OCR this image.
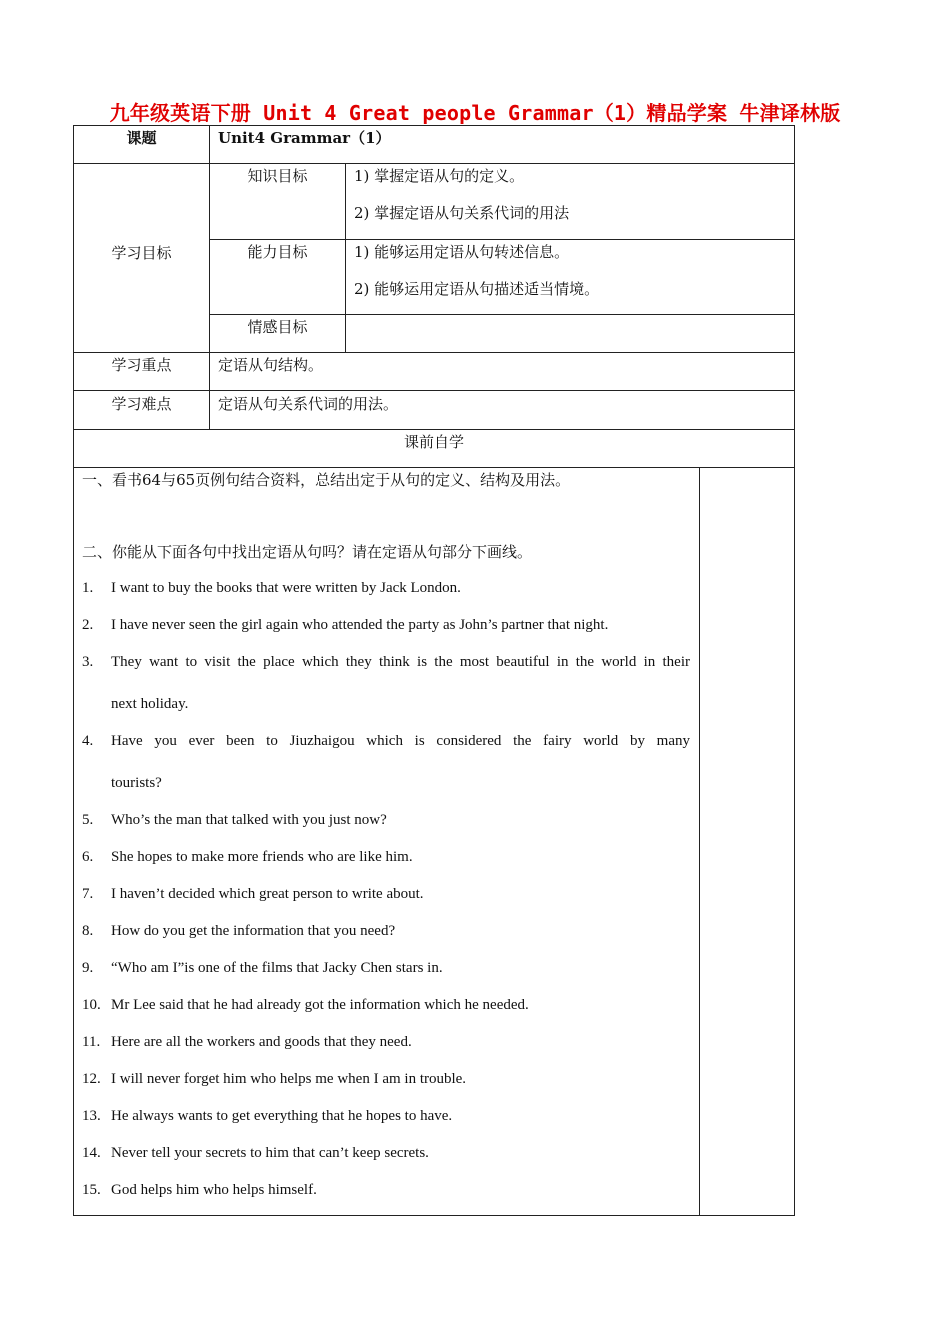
九年级英语下册 Unit 4 Great people Grammar（1）精品学案 牛津译林版
课题	Unit4 Grammar（1）
学习目标
知识目标	1) 掌握定语从句的定义。
2) 掌握定语从句关系代词的用法
能力目标	1) 能够运用定语从句转述信息。
2) 能够运用定语从句描述适当情境。
情感目标
学习重点	定语从句结构。
学习难点	定语从句关系代词的用法。
课前自学
一、看书64与65页例句结合资料，总结出定于从句的定义、结构及用法。
二、你能从下面各句中找出定语从句吗？请在定语从句部分下画线。
1. I want to buy the books that were written by Jack London.
2. I have never seen the girl again who attended the party as John’s partner that night.
3. They want to visit the place which they think is the most beautiful in the world in their
next holiday.
4. Have you ever been to Jiuzhaigou which is considered the fairy world by many
tourists?
5. Who’s the man that talked with you just now?
6. She hopes to make more friends who are like him.
7. I haven’t decided which great person to write about.
8. How do you get the information that you need?
9. “Who am I”is one of the films that Jacky Chen stars in.
10. Mr Lee said that he had already got the information which he needed.
11. Here are all the workers and goods that they need.
12. I will never forget him who helps me when I am in trouble.
13. He always wants to get everything that he hopes to have.
14. Never tell your secrets to him that can’t keep secrets.
15. God helps him who helps himself.
